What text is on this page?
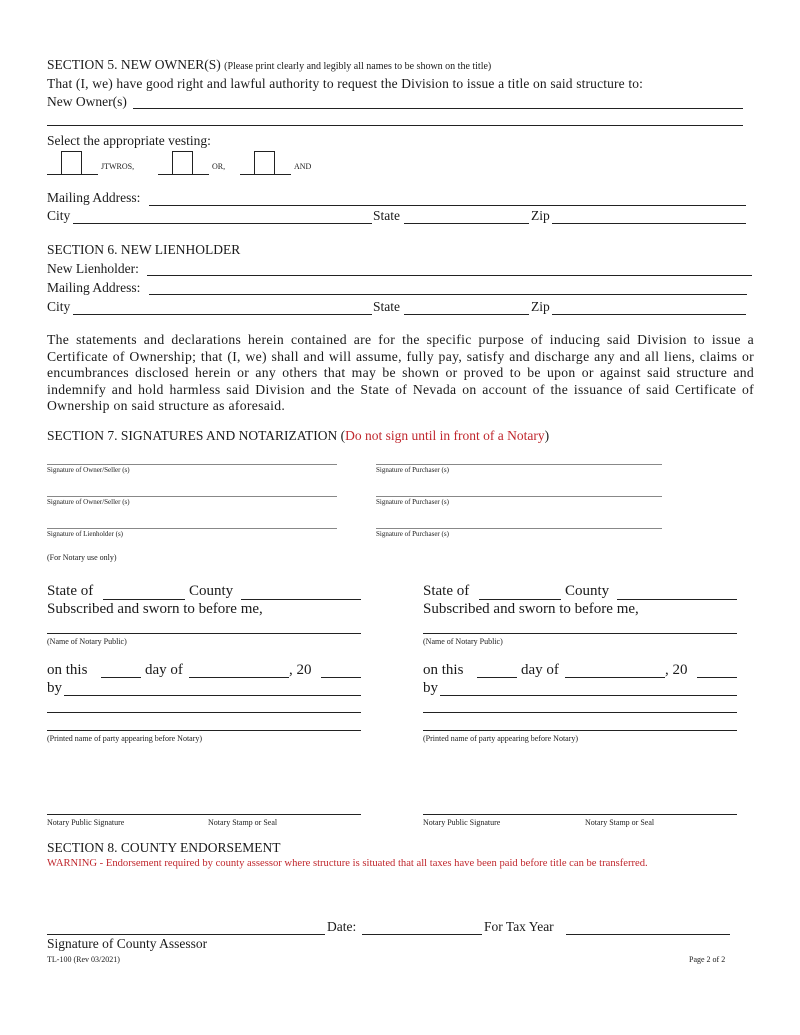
SECTION 5. NEW OWNER(S) (Please print clearly and legibly all names to be shown on the title)
That (I, we) have good right and lawful authority to request the Division to issue a title on said structure to:
New Owner(s)
Select the appropriate vesting:
JTWROS,	OR,	AND
Mailing Address:
City	State	Zip
SECTION 6. NEW LIENHOLDER
New Lienholder:
Mailing Address:
City	State	Zip
The statements and declarations herein contained are for the specific purpose of inducing said Division to issue a Certificate of Ownership; that (I, we) shall and will assume, fully pay, satisfy and discharge any and all liens, claims or encumbrances disclosed herein or any others that may be shown or proved to be upon or against said structure and indemnify and hold harmless said Division and the State of Nevada on account of the issuance of said Certificate of Ownership on said structure as aforesaid.
SECTION 7. SIGNATURES AND NOTARIZATION (Do not sign until in front of a Notary)
Signature of Owner/Seller (s)	Signature of Purchaser (s)
Signature of Owner/Seller (s)	Signature of Purchaser (s)
Signature of Lienholder (s)	Signature of Purchaser (s)
(For Notary use only)
State of	County
Subscribed and sworn to before me,
(Name of Notary Public)
on this	day of	, 20
by
(Printed name of party appearing before Notary)
Notary Public Signature	Notary Stamp or Seal
State of	County
Subscribed and sworn to before me,
(Name of Notary Public)
on this	day of	, 20
by
(Printed name of party appearing before Notary)
Notary Public Signature	Notary Stamp or Seal
SECTION 8. COUNTY ENDORSEMENT
WARNING - Endorsement required by county assessor where structure is situated that all taxes have been paid before title can be transferred.
Date:	For Tax Year
Signature of County Assessor
TL-100 (Rev 03/2021)	Page 2 of 2
